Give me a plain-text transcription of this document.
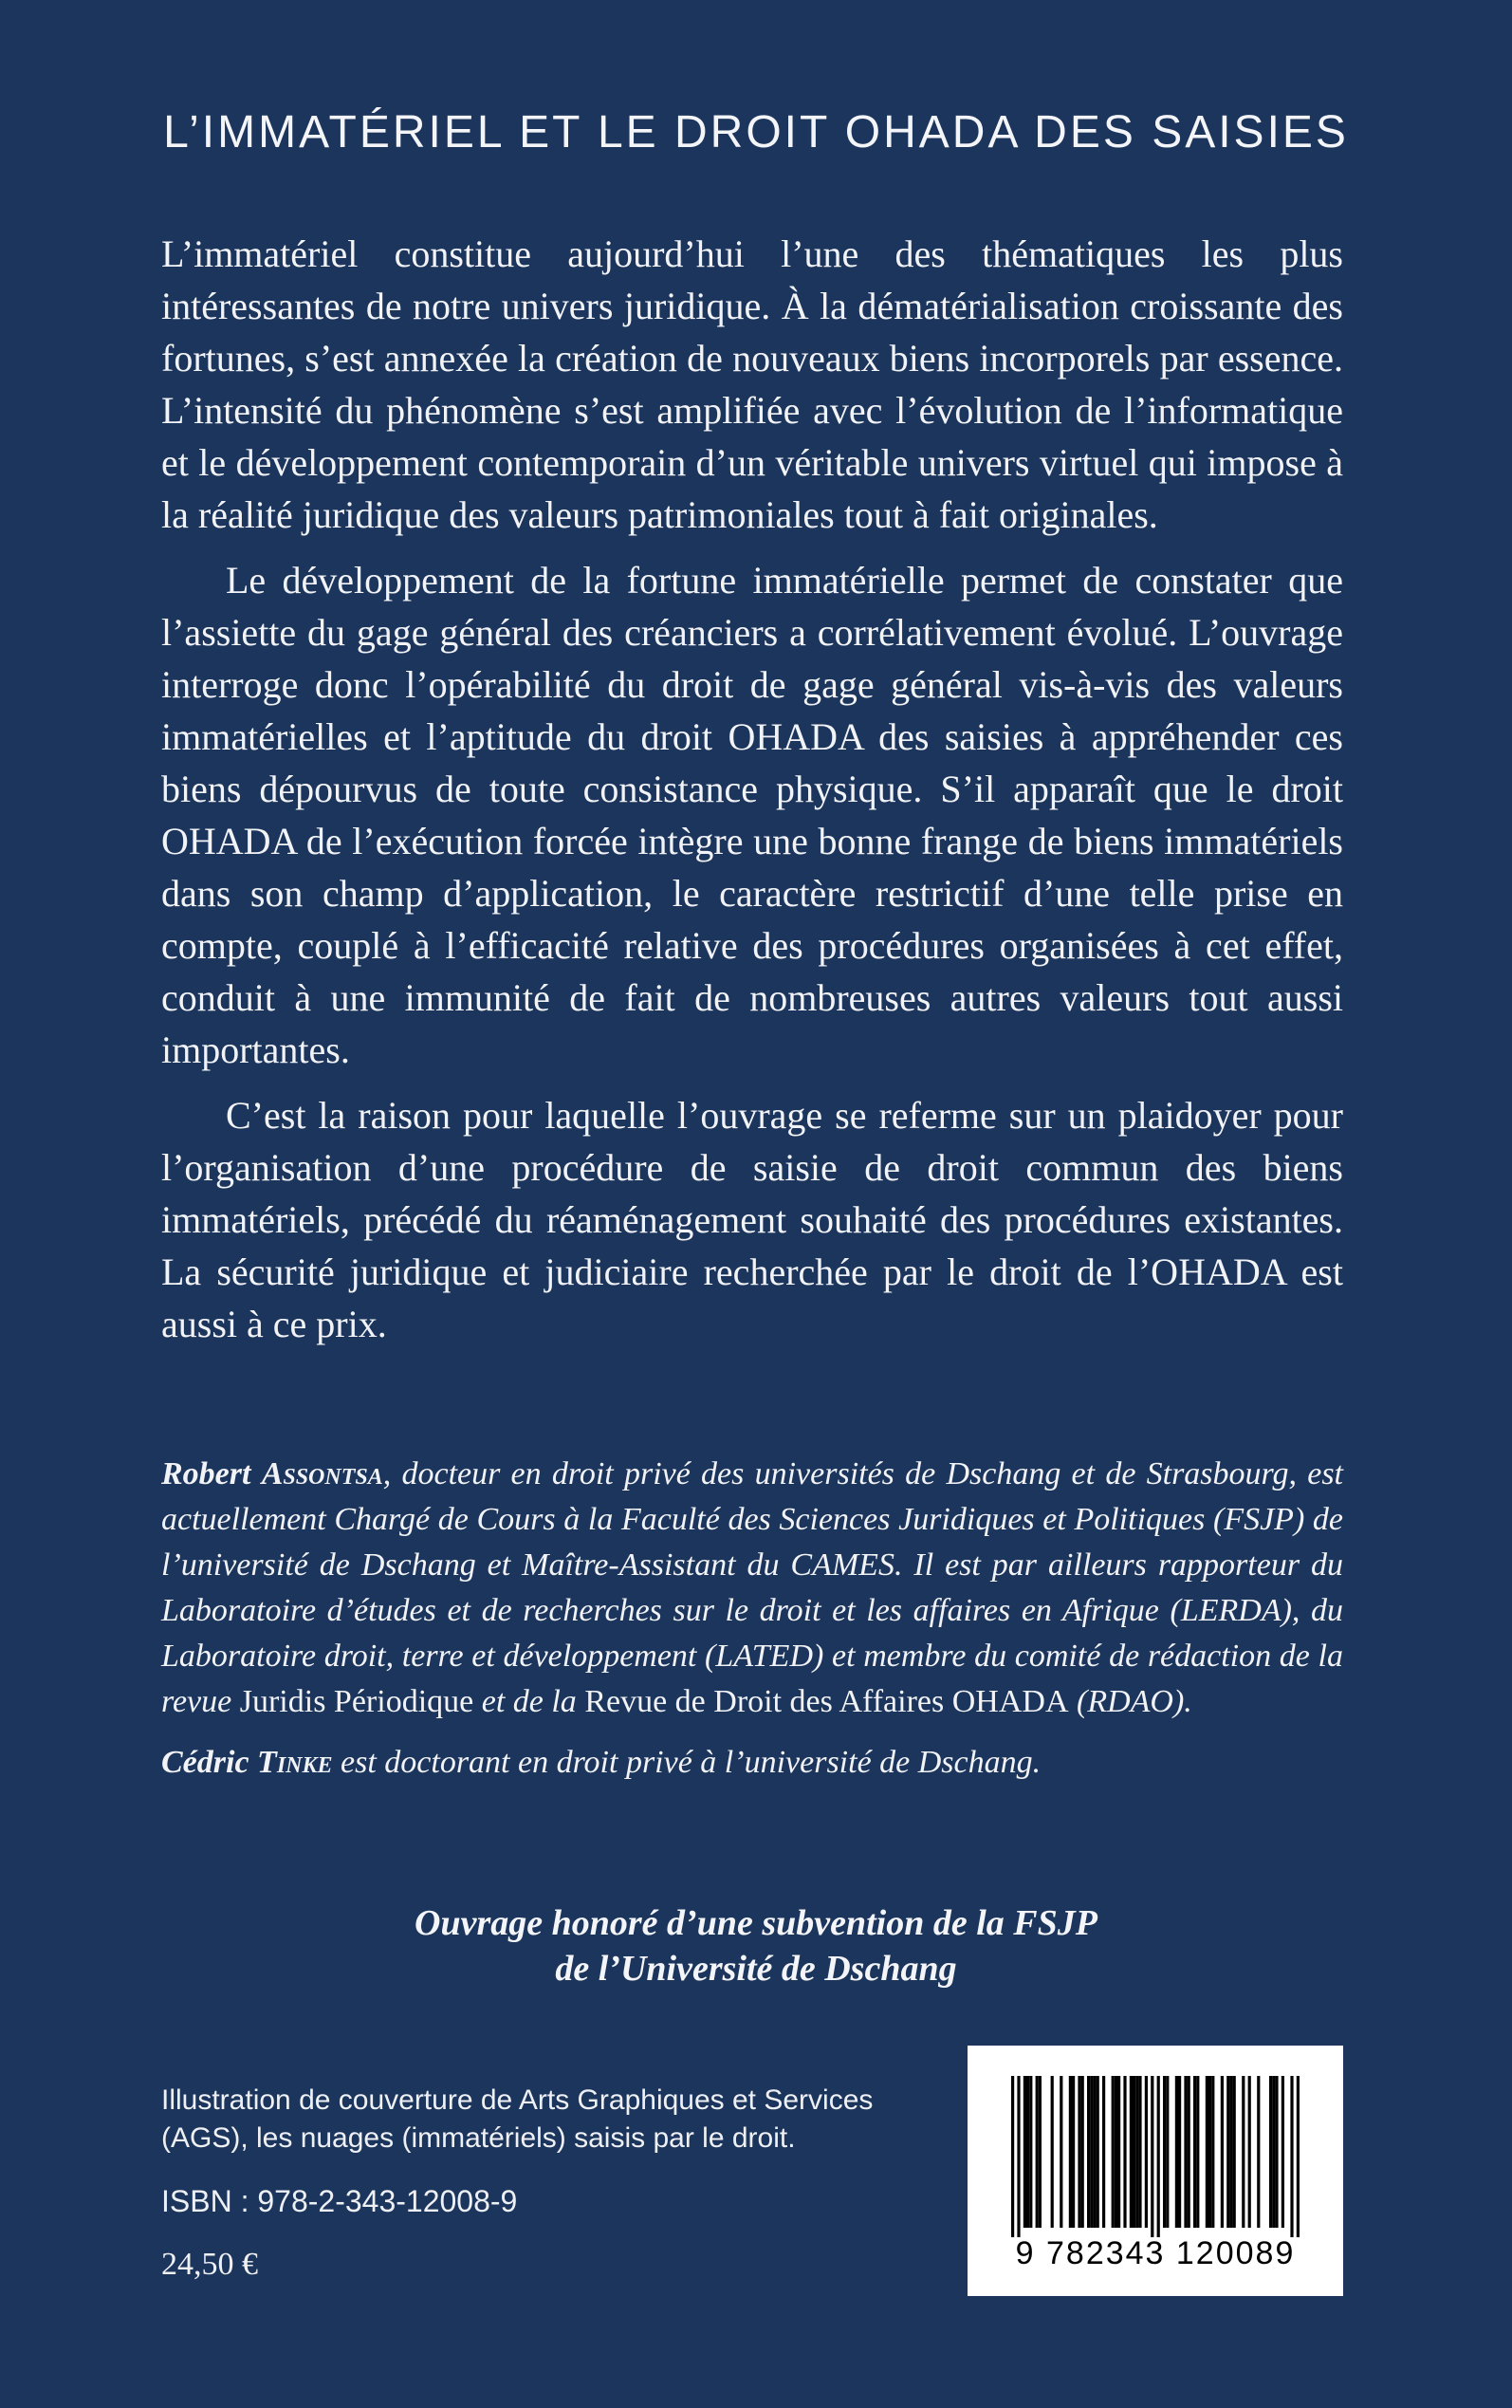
L’IMMATÉRIEL ET LE DROIT OHADA DES SAISIES

L’immatériel constitue aujourd’hui l’une des thématiques les plus intéressantes de notre univers juridique. À la dématérialisation croissante des fortunes, s’est annexée la création de nouveaux biens incorporels par essence. L’intensité du phénomène s’est amplifiée avec l’évolution de l’informatique et le développement contemporain d’un véritable univers virtuel qui impose à la réalité juridique des valeurs patrimoniales tout à fait originales.

Le développement de la fortune immatérielle permet de constater que l’assiette du gage général des créanciers a corrélativement évolué. L’ouvrage interroge donc l’opérabilité du droit de gage général vis-à-vis des valeurs immatérielles et l’aptitude du droit OHADA des saisies à appréhender ces biens dépourvus de toute consistance physique. S’il apparaît que le droit OHADA de l’exécution forcée intègre une bonne frange de biens immatériels dans son champ d’application, le caractère restrictif d’une telle prise en compte, couplé à l’efficacité relative des procédures organisées à cet effet, conduit à une immunité de fait de nombreuses autres valeurs tout aussi importantes.

C’est la raison pour laquelle l’ouvrage se referme sur un plaidoyer pour l’organisation d’une procédure de saisie de droit commun des biens immatériels, précédé du réaménagement souhaité des procédures existantes. La sécurité juridique et judiciaire recherchée par le droit de l’OHADA est aussi à ce prix.

Robert Assontsa, docteur en droit privé des universités de Dschang et de Strasbourg, est actuellement Chargé de Cours à la Faculté des Sciences Juridiques et Politiques (FSJP) de l’université de Dschang et Maître-Assistant du CAMES. Il est par ailleurs rapporteur du Laboratoire d’études et de recherches sur le droit et les affaires en Afrique (LERDA), du Laboratoire droit, terre et développement (LATED) et membre du comité de rédaction de la revue Juridis Périodique et de la Revue de Droit des Affaires OHADA (RDAO).

Cédric Tinke est doctorant en droit privé à l’université de Dschang.

Ouvrage honoré d’une subvention de la FSJP
de l’Université de Dschang
Illustration de couverture de Arts Graphiques et Services (AGS), les nuages (immatériels) saisis par le droit.
ISBN : 978-2-343-12008-9
24,50 €	9 782343 120089
